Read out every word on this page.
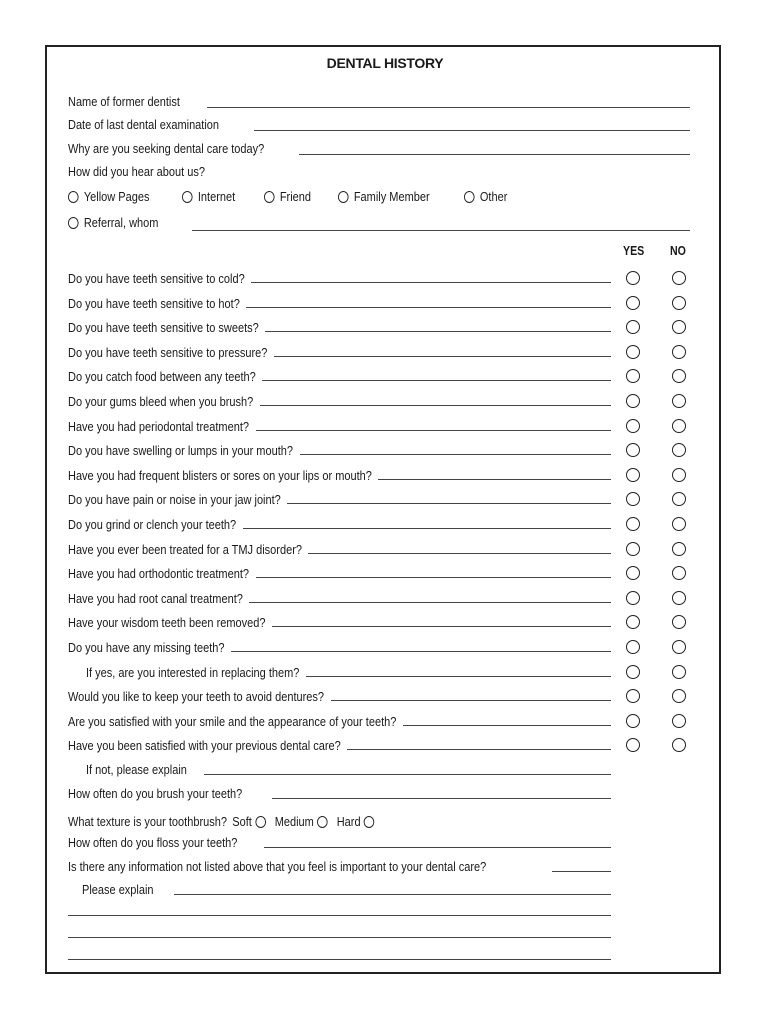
DENTAL HISTORY
Name of former dentist
Date of last dental examination
Why are you seeking dental care today?
How did you hear about us?
Yellow Pages	Internet	Friend	Family Member	Other
Referral, whom
YES NO
Do you have teeth sensitive to cold?
Do you have teeth sensitive to hot?
Do you have teeth sensitive to sweets?
Do you have teeth sensitive to pressure?
Do you catch food between any teeth?
Do your gums bleed when you brush?
Have you had periodontal treatment?
Do you have swelling or lumps in your mouth?
Have you had frequent blisters or sores on your lips or mouth?
Do you have pain or noise in your jaw joint?
Do you grind or clench your teeth?
Have you ever been treated for a TMJ disorder?
Have you had orthodontic treatment?
Have you had root canal treatment?
Have your wisdom teeth been removed?
Do you have any missing teeth?
If yes, are you interested in replacing them?
Would you like to keep your teeth to avoid dentures?
Are you satisfied with your smile and the appearance of your teeth?
Have you been satisfied with your previous dental care?
If not, please explain
How often do you brush your teeth?
What texture is your toothbrush? Soft Medium Hard
How often do you floss your teeth?
Is there any information not listed above that you feel is important to your dental care?
Please explain
